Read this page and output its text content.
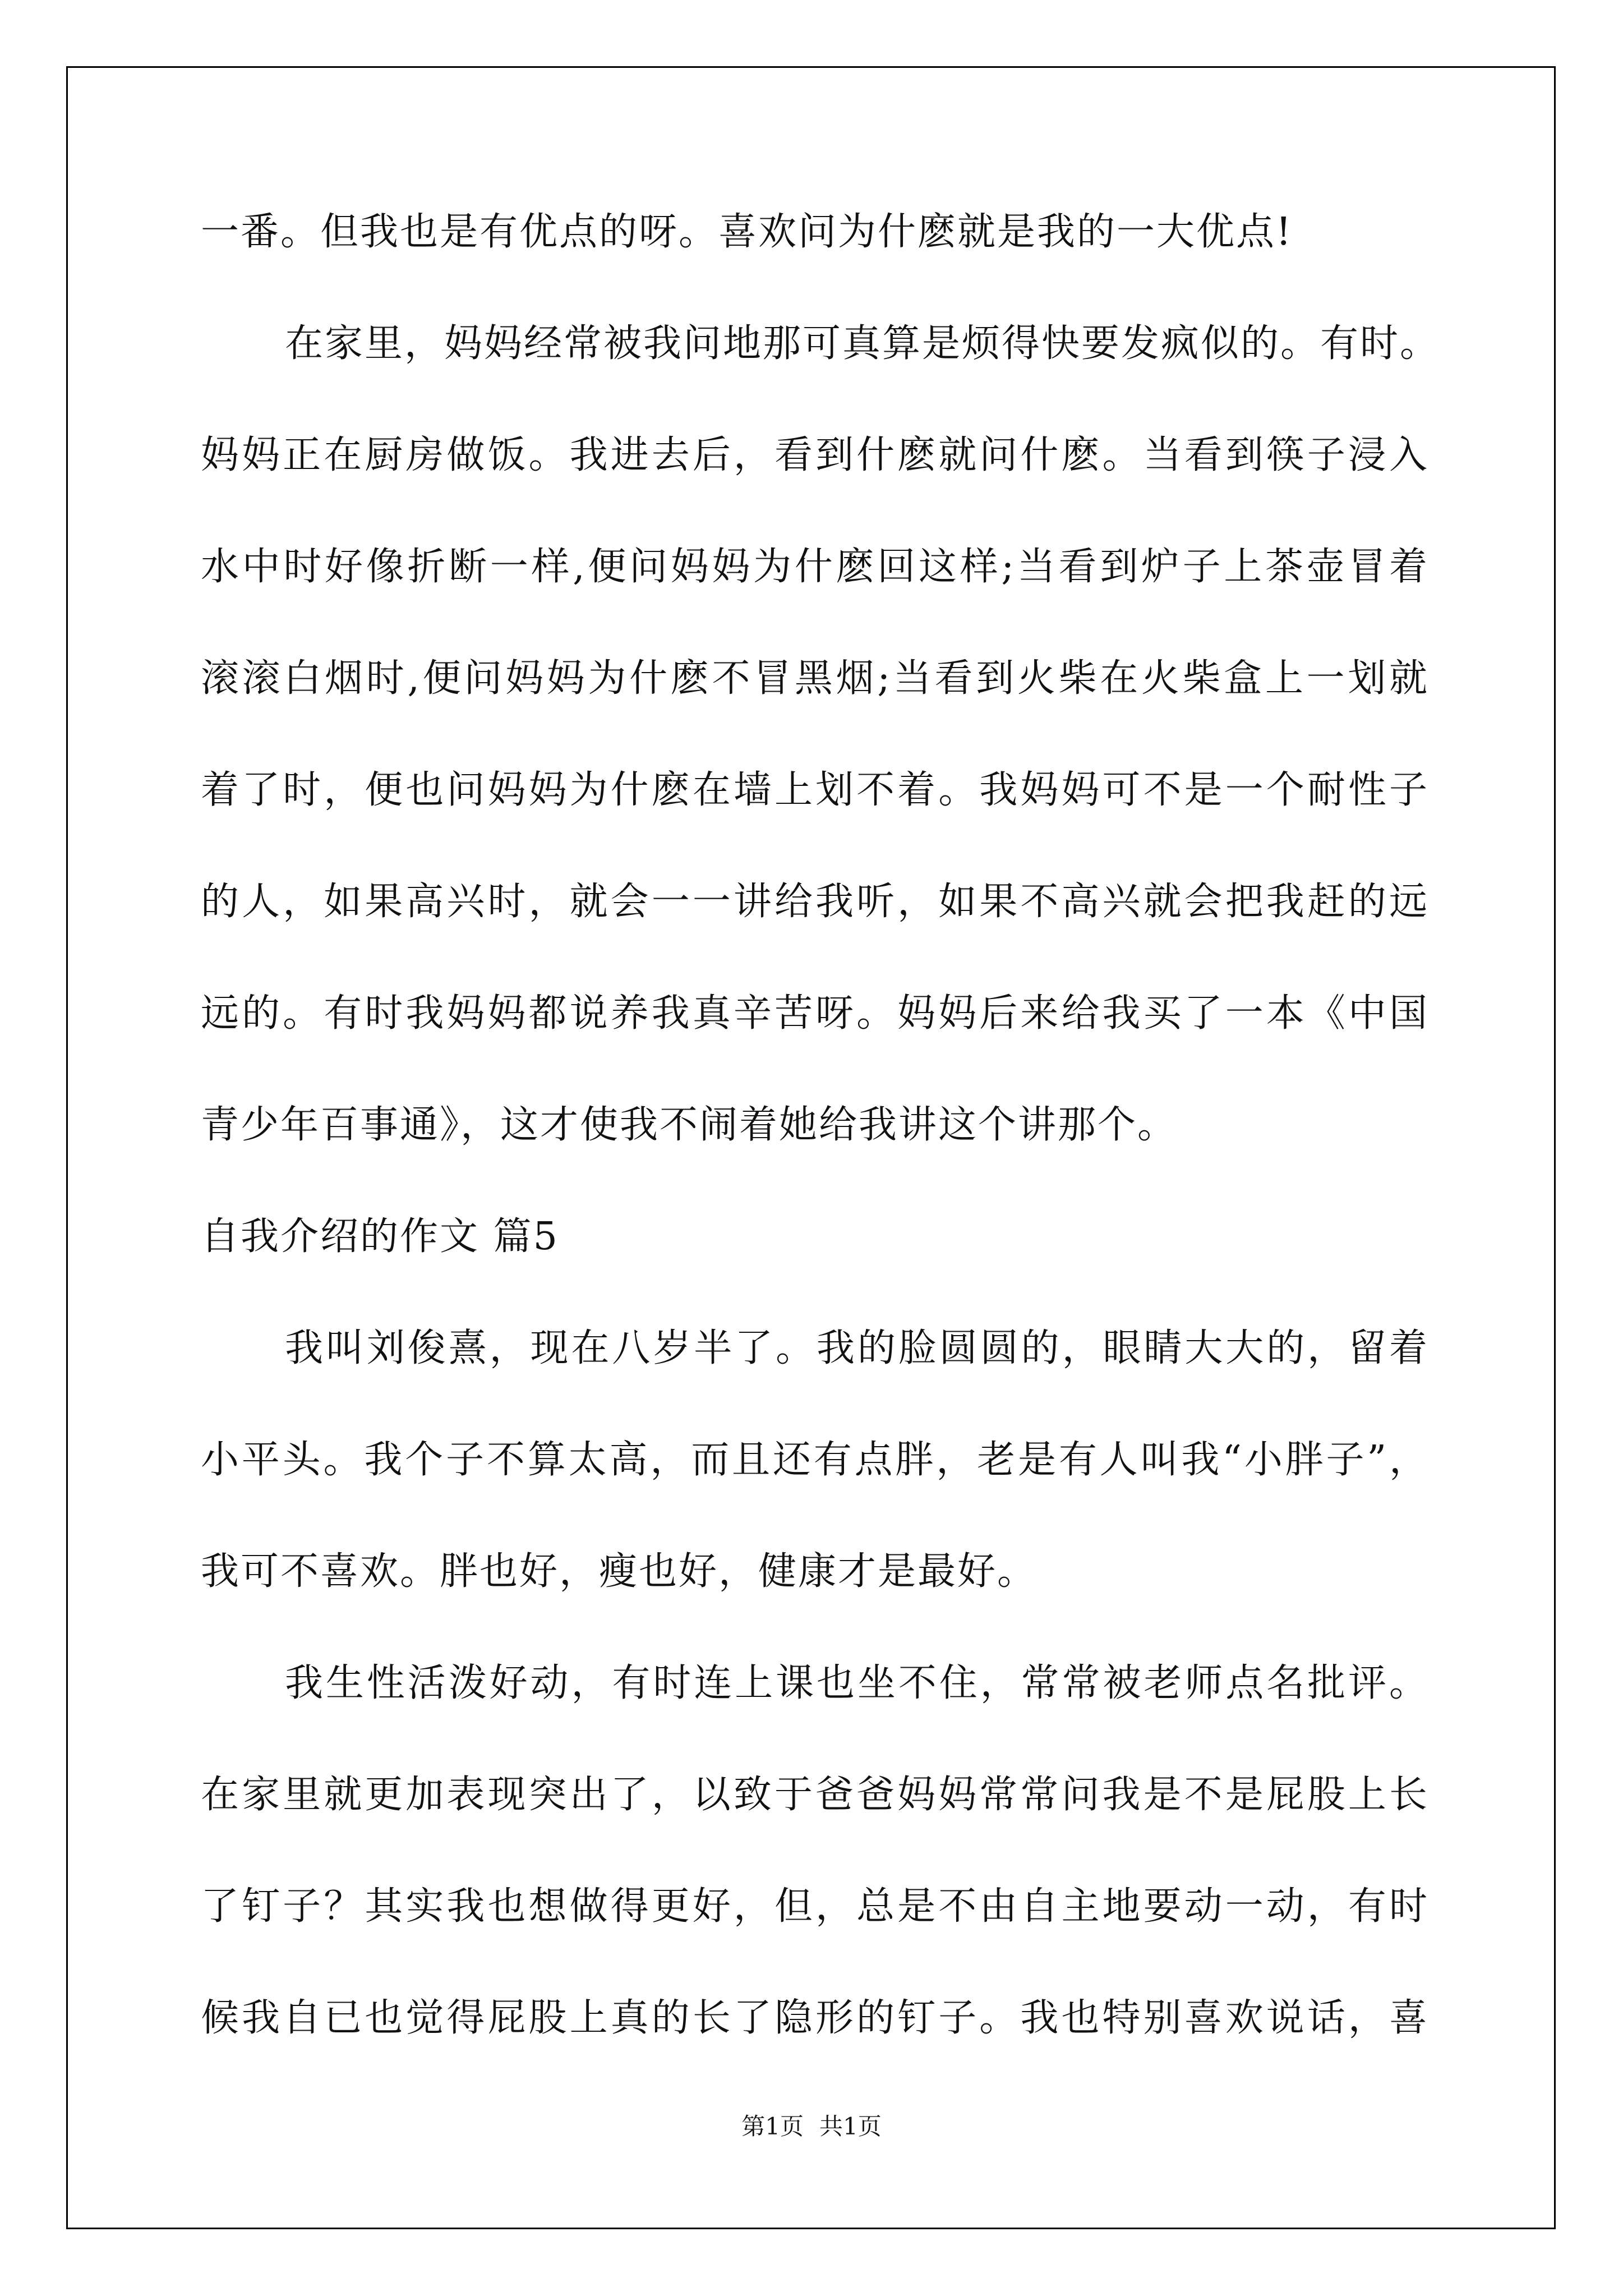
一番。但我也是有优点的呀。喜欢问为什麽就是我的一大优点!
在家里，妈妈经常被我问地那可真算是烦得快要发疯似的。有时。
妈妈正在厨房做饭。我进去后，看到什麽就问什麽。当看到筷子浸入
水中时好像折断一样,便问妈妈为什麽回这样;当看到炉子上茶壶冒着
滚滚白烟时,便问妈妈为什麽不冒黑烟;当看到火柴在火柴盒上一划就
着了时，便也问妈妈为什麽在墙上划不着。我妈妈可不是一个耐性子
的人，如果高兴时，就会一一讲给我听，如果不高兴就会把我赶的远
远的。有时我妈妈都说养我真辛苦呀。妈妈后来给我买了一本《中国
青少年百事通》，这才使我不闹着她给我讲这个讲那个。
自我介绍的作文 篇5
我叫刘俊熹，现在八岁半了。我的脸圆圆的，眼睛大大的，留着
小平头。我个子不算太高，而且还有点胖，老是有人叫我“小胖子”，
我可不喜欢。胖也好，瘦也好，健康才是最好。
我生性活泼好动，有时连上课也坐不住，常常被老师点名批评。
在家里就更加表现突出了，以致于爸爸妈妈常常问我是不是屁股上长
了钉子？其实我也想做得更好，但，总是不由自主地要动一动，有时
候我自已也觉得屁股上真的长了隐形的钉子。我也特别喜欢说话，喜
第1页 共1页
